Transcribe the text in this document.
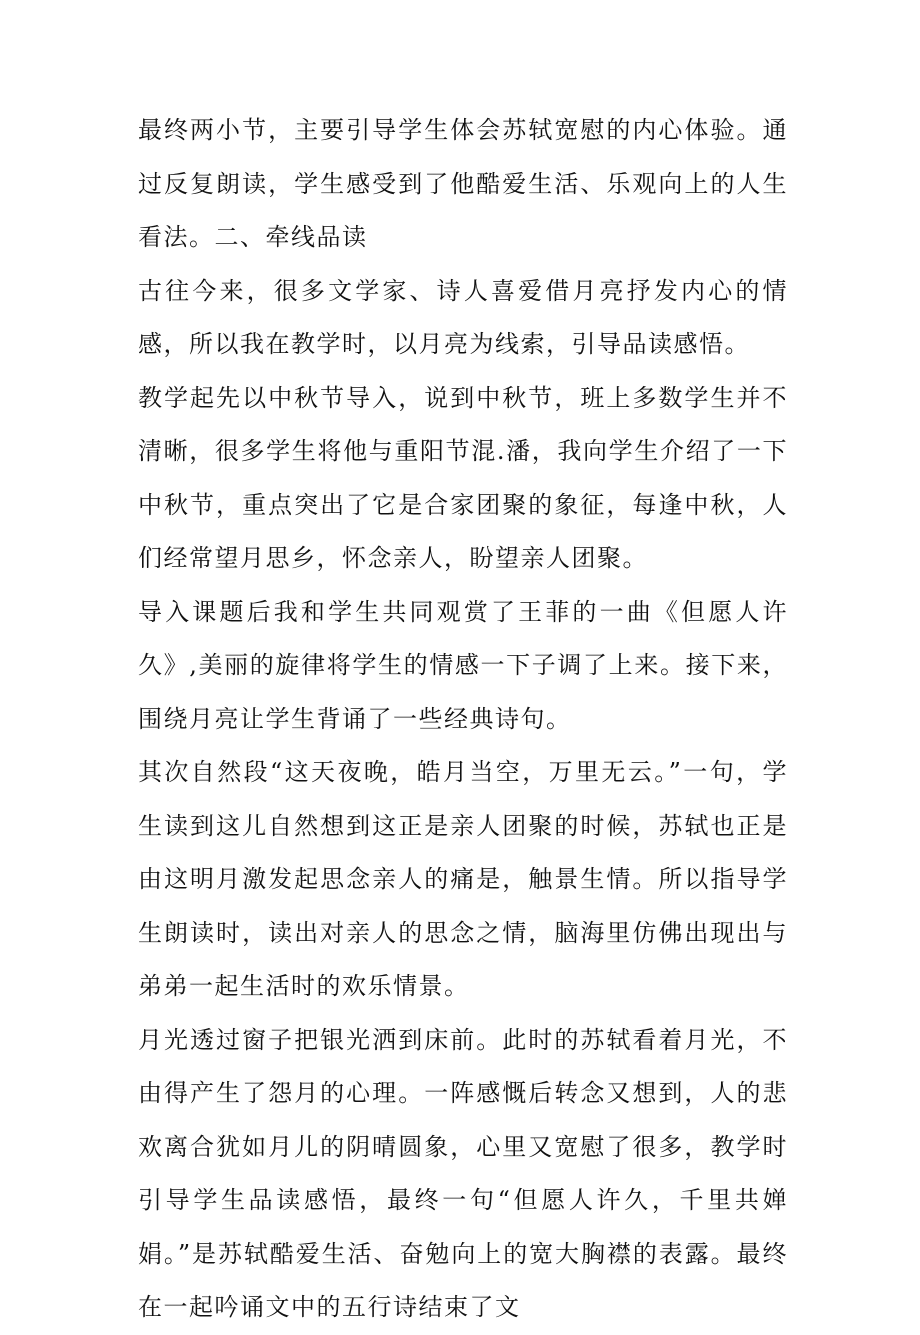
最终两小节，主要引导学生体会苏轼宽慰的内心体验。通过反复朗读，学生感受到了他酷爱生活、乐观向上的人生看法。二、牵线品读

古往今来，很多文学家、诗人喜爱借月亮抒发内心的情感，所以我在教学时，以月亮为线索，引导品读感悟。

教学起先以中秋节导入，说到中秋节，班上多数学生并不清晰，很多学生将他与重阳节混.潘，我向学生介绍了一下中秋节，重点突出了它是合家团聚的象征，每逢中秋，人们经常望月思乡，怀念亲人，盼望亲人团聚。

导入课题后我和学生共同观赏了王菲的一曲《但愿人许久》,美丽的旋律将学生的情感一下子调了上来。接下来，围绕月亮让学生背诵了一些经典诗句。

其次自然段“这天夜晚，皓月当空，万里无云。”一句，学生读到这儿自然想到这正是亲人团聚的时候，苏轼也正是由这明月激发起思念亲人的痛是，触景生情。所以指导学生朗读时，读出对亲人的思念之情，脑海里仿佛出现出与弟弟一起生活时的欢乐情景。

月光透过窗子把银光洒到床前。此时的苏轼看着月光，不由得产生了怨月的心理。一阵感慨后转念又想到，人的悲欢离合犹如月儿的阴晴圆象，心里又宽慰了很多，教学时引导学生品读感悟，最终一句“但愿人许久，千里共婵娟。”是苏轼酷爱生活、奋勉向上的宽大胸襟的表露。最终在一起吟诵文中的五行诗结束了文
